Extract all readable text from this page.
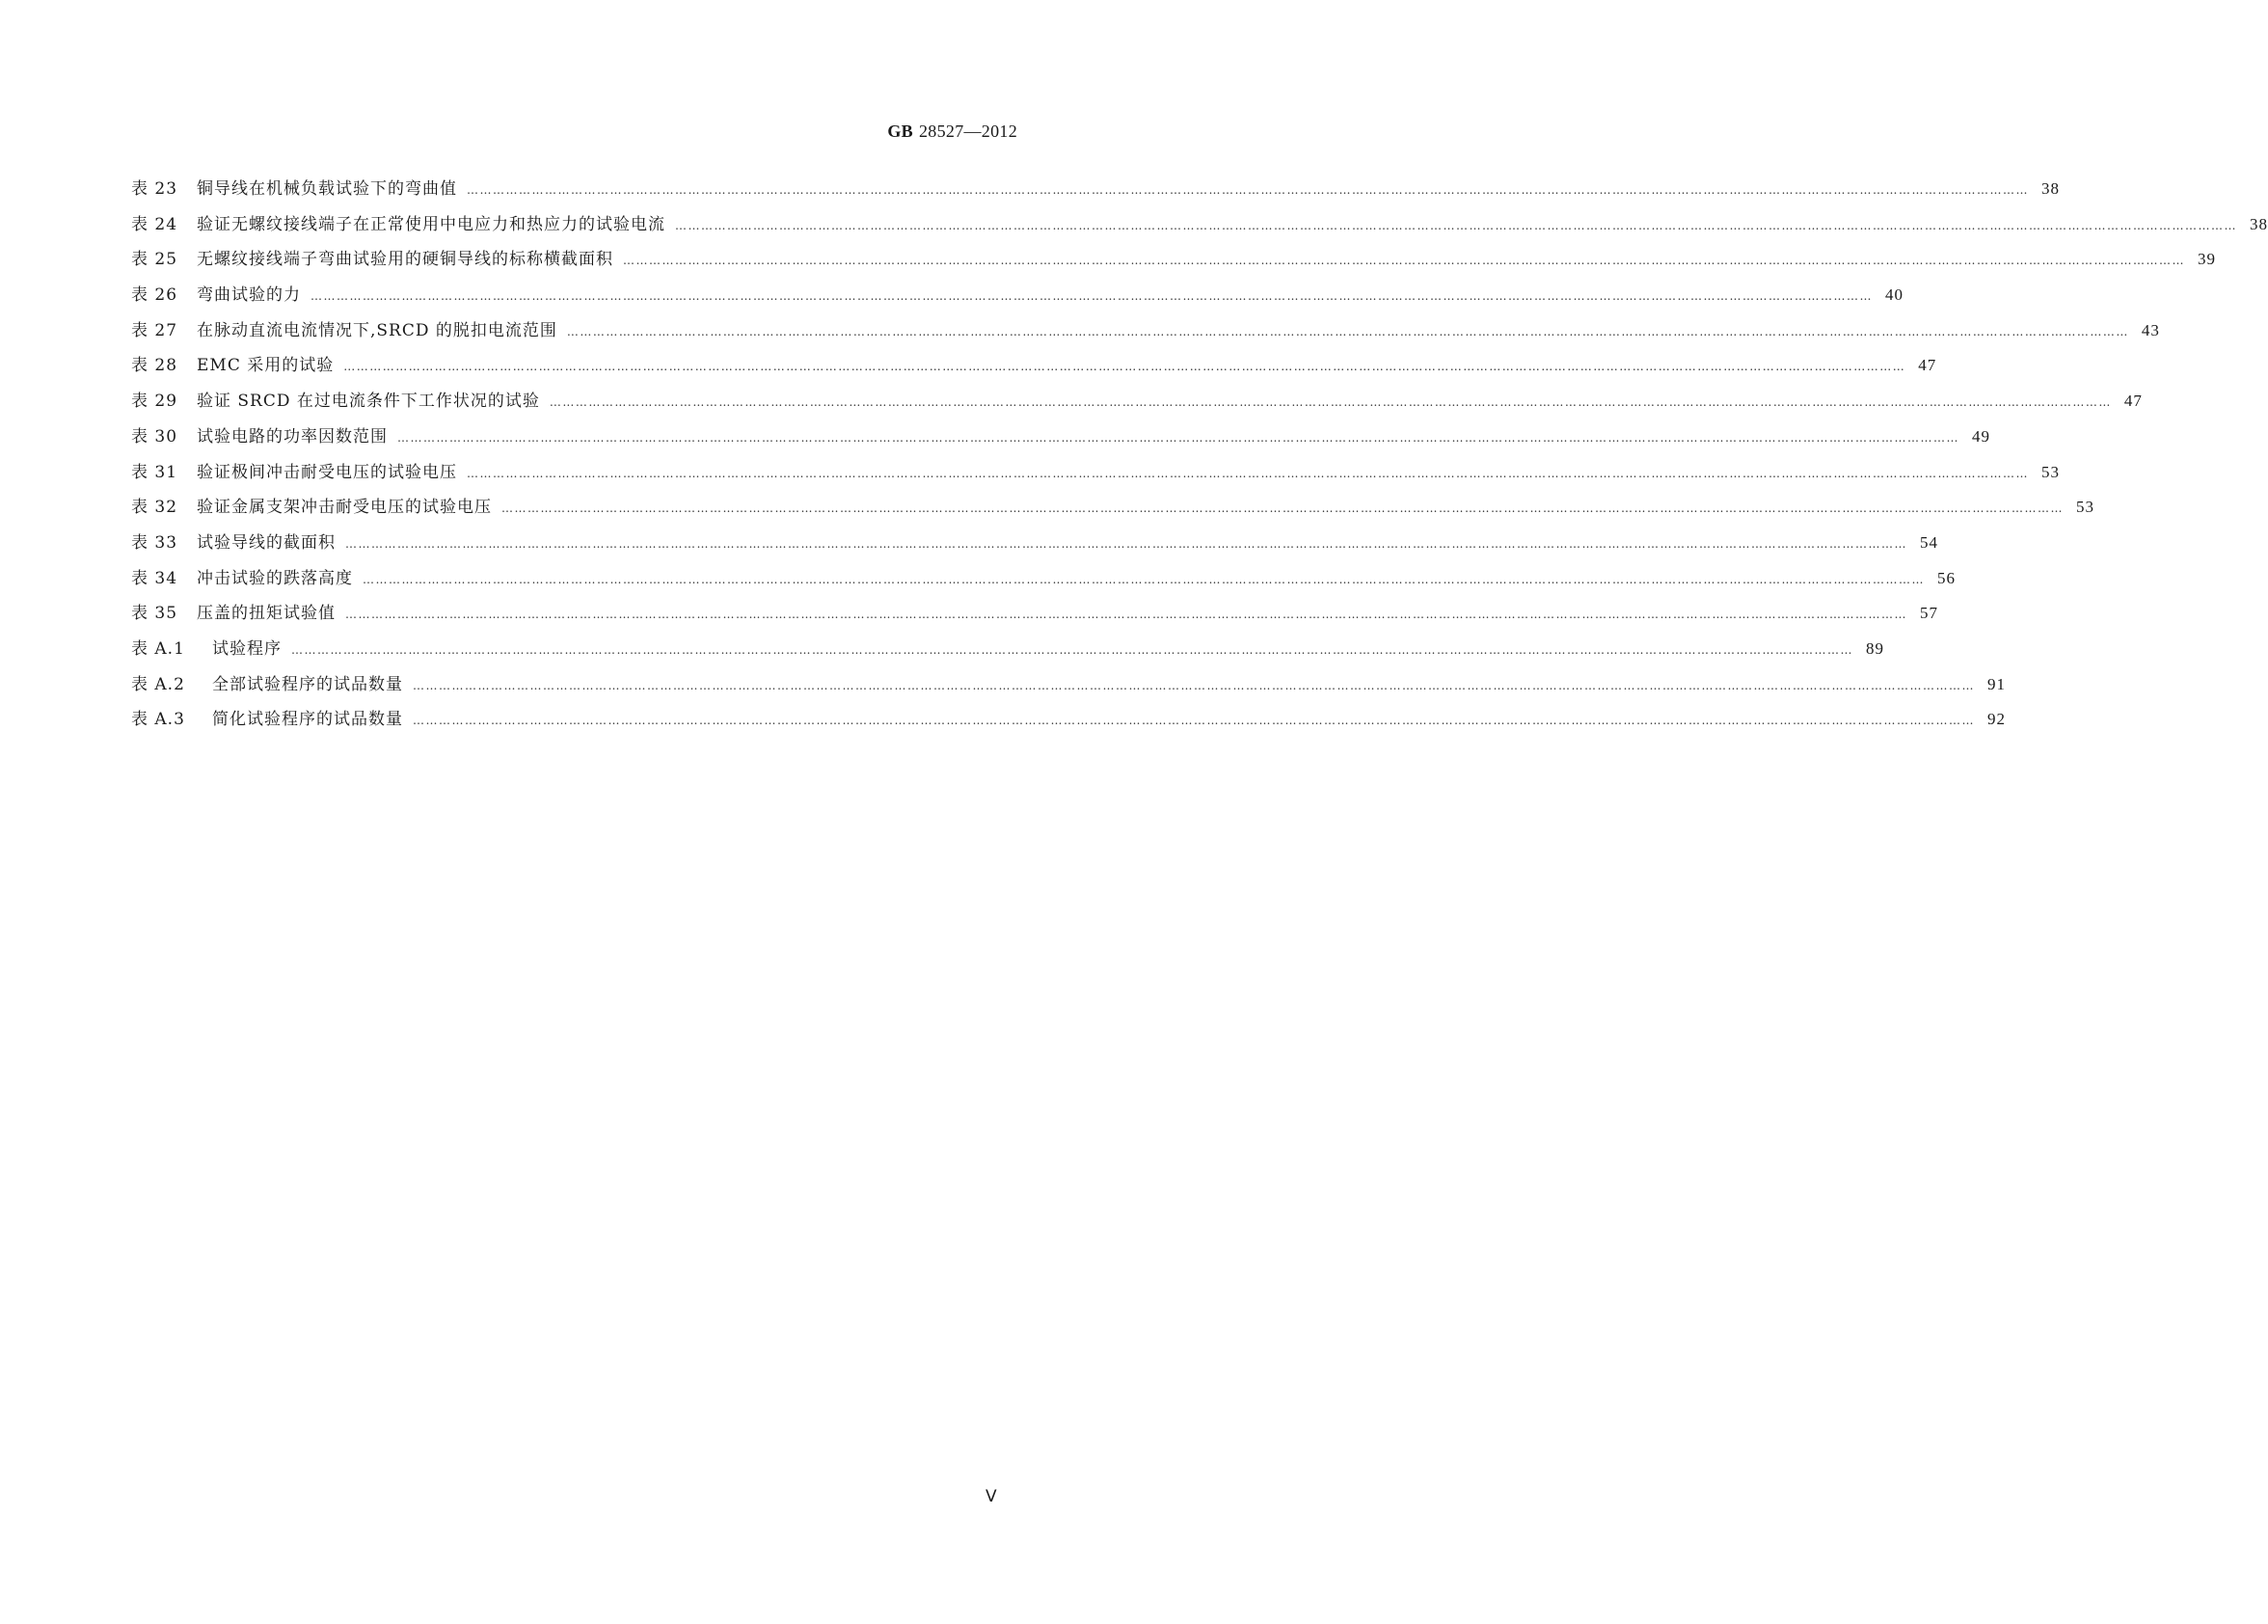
GB 28527—2012
表 23	铜导线在机械负载试验下的弯曲值 ……………………………………………………………………………………………………………………………………………………………………………………………………………………………………………………………………………………………………………………………… 38
表 24	验证无螺纹接线端子在正常使用中电应力和热应力的试验电流 ……………………………………………………………………………………………………………………………………………………………………………………………………………………………………………………………………………………………………………………………… 38
表 25	无螺纹接线端子弯曲试验用的硬铜导线的标称横截面积 ……………………………………………………………………………………………………………………………………………………………………………………………………………………………………………………………………………………………………………………………… 39
表 26	弯曲试验的力 ……………………………………………………………………………………………………………………………………………………………………………………………………………………………………………………………………………………………………………………………… 40
表 27	在脉动直流电流情况下,SRCD 的脱扣电流范围 ……………………………………………………………………………………………………………………………………………………………………………………………………………………………………………………………………………………………………………………………… 43
表 28	EMC 采用的试验 ……………………………………………………………………………………………………………………………………………………………………………………………………………………………………………………………………………………………………………………………… 47
表 29	验证 SRCD 在过电流条件下工作状况的试验 ……………………………………………………………………………………………………………………………………………………………………………………………………………………………………………………………………………………………………………………………… 47
表 30	试验电路的功率因数范围 ……………………………………………………………………………………………………………………………………………………………………………………………………………………………………………………………………………………………………………………………… 49
表 31	验证极间冲击耐受电压的试验电压 ……………………………………………………………………………………………………………………………………………………………………………………………………………………………………………………………………………………………………………………………… 53
表 32	验证金属支架冲击耐受电压的试验电压 ……………………………………………………………………………………………………………………………………………………………………………………………………………………………………………………………………………………………………………………………… 53
表 33	试验导线的截面积 ……………………………………………………………………………………………………………………………………………………………………………………………………………………………………………………………………………………………………………………………… 54
表 34	冲击试验的跌落高度 ……………………………………………………………………………………………………………………………………………………………………………………………………………………………………………………………………………………………………………………………… 56
表 35	压盖的扭矩试验值 ……………………………………………………………………………………………………………………………………………………………………………………………………………………………………………………………………………………………………………………………… 57
表 A.1	试验程序 ……………………………………………………………………………………………………………………………………………………………………………………………………………………………………………………………………………………………………………………………… 89
表 A.2	全部试验程序的试品数量 ……………………………………………………………………………………………………………………………………………………………………………………………………………………………………………………………………………………………………………………………… 91
表 A.3	简化试验程序的试品数量 ……………………………………………………………………………………………………………………………………………………………………………………………………………………………………………………………………………………………………………………………… 92
Ⅴ
